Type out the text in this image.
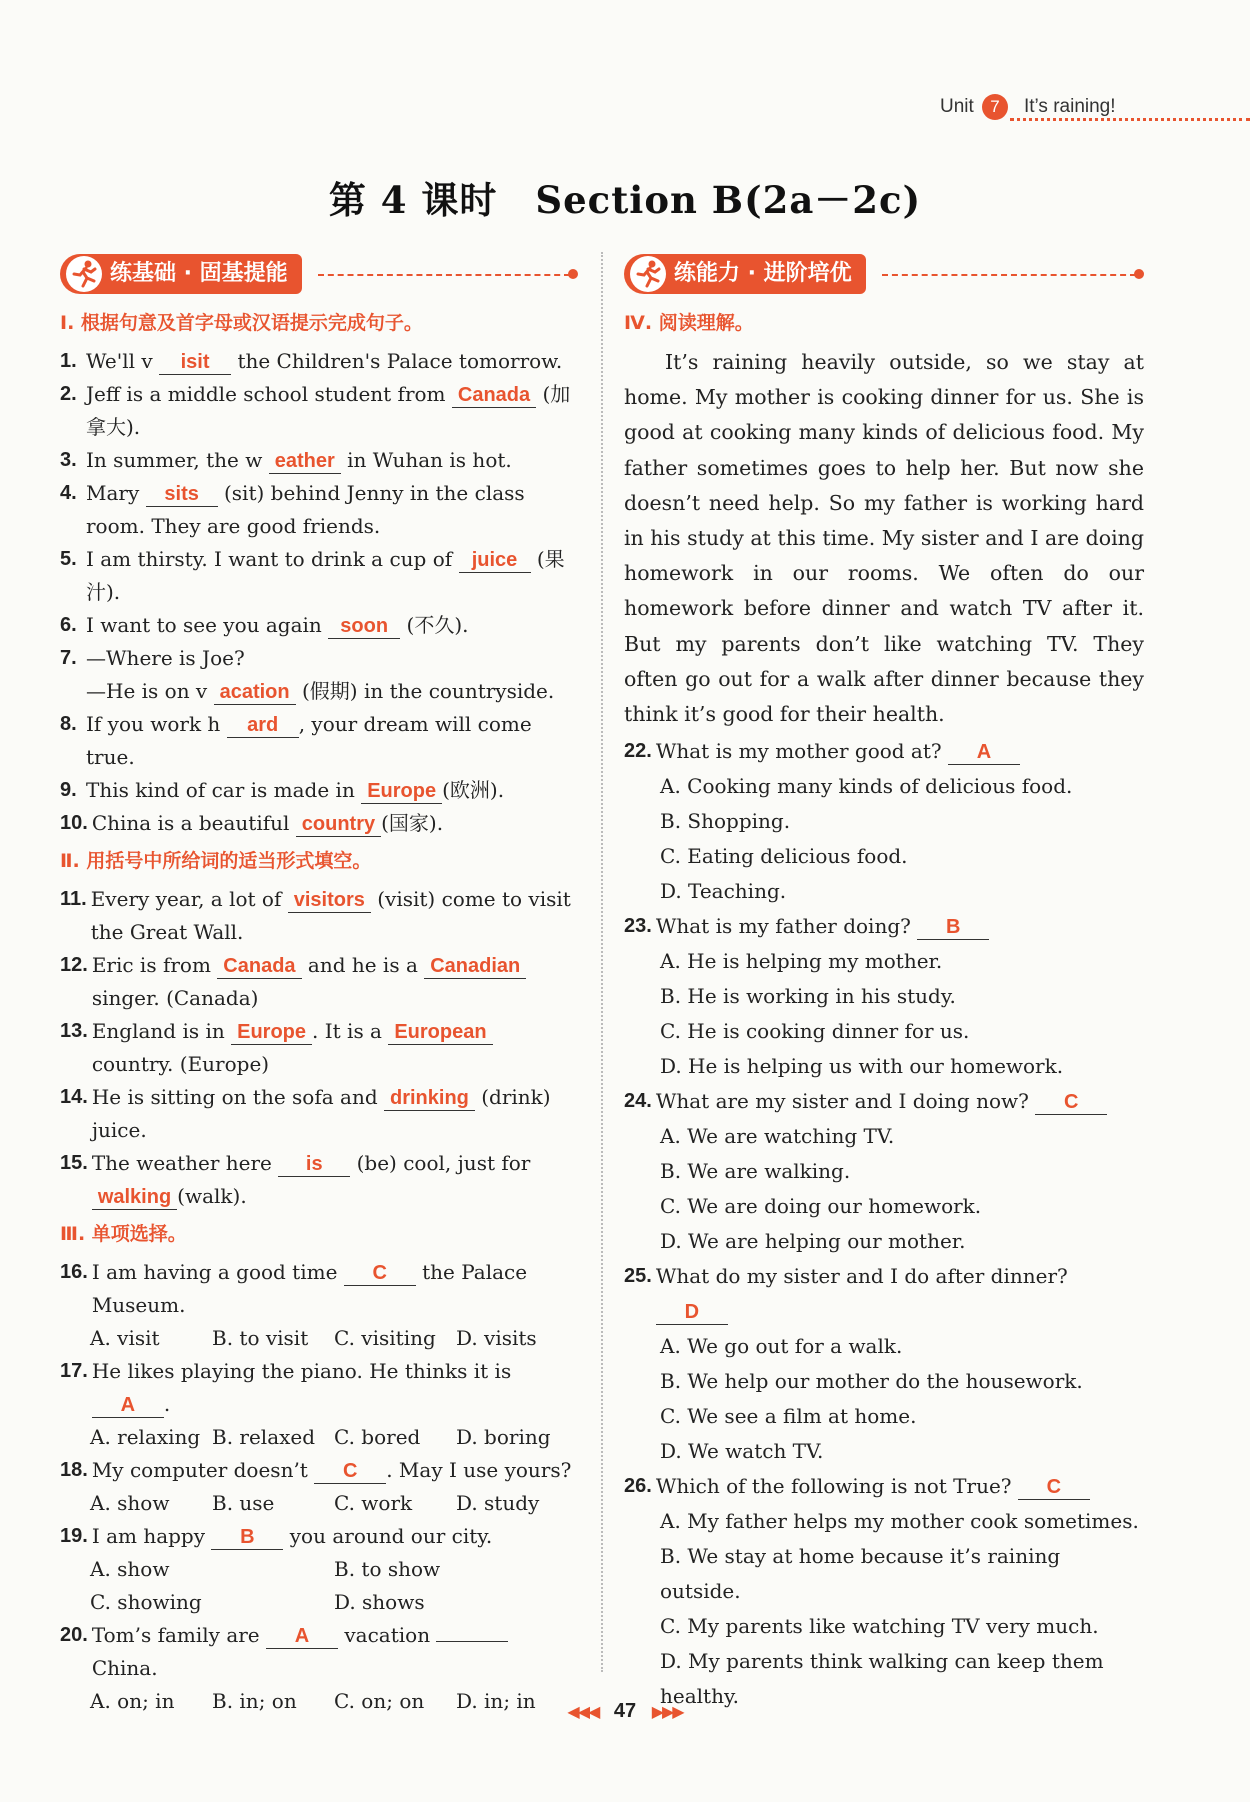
Unit 7	It’s raining!
第 4 课时　Section B(2a－2c)
练基础 · 固基提能
Ⅰ. 根据句意及首字母或汉语提示完成句子。
1. We'll v isit the Children's Palace tomorrow.
2. Jeff is a middle school student from Canada (加拿大).
3. In summer, the w eather in Wuhan is hot.
4. Mary sits (sit) behind Jenny in the class room. They are good friends.
5. I am thirsty. I want to drink a cup of juice (果汁).
6. I want to see you again soon (不久).
7. —Where is Joe?
—He is on v acation (假期) in the countryside.
8. If you work h ard , your dream will come true.
9. This kind of car is made in Europe (欧洲).
10. China is a beautiful country (国家).
Ⅱ. 用括号中所给词的适当形式填空。
11. Every year, a lot of visitors (visit) come to visit the Great Wall.
12. Eric is from Canada and he is a Canadian singer. (Canada)
13. England is in Europe . It is a European country. (Europe)
14. He is sitting on the sofa and drinking (drink) juice.
15. The weather here is (be) cool, just for walking (walk).
Ⅲ. 单项选择。
16. I am having a good time C the Palace Museum.
A. visit	B. to visit	C. visiting	D. visits
17. He likes playing the piano. He thinks it is A .
A. relaxing B. relaxed C. bored	D. boring
18. My computer doesn’t C . May I use yours?
A. show	B. use	C. work	D. study
19. I am happy B you around our city.
A. show	B. to show
C. showing	D. shows
20. Tom’s family are A vacation  China.
A. on; in	B. in; on	C. on; on	D. in; in
练能力 · 进阶培优
Ⅳ. 阅读理解。
It’s raining heavily outside, so we stay at home. My mother is cooking dinner for us. She is good at cooking many kinds of delicious food. My father sometimes goes to help her. But now she doesn’t need help. So my father is working hard in his study at this time. My sister and I are doing homework in our rooms. We often do our homework before dinner and watch TV after it. But my parents don’t like watching TV. They often go out for a walk after dinner because they think it’s good for their health.
22. What is my mother good at? A
A. Cooking many kinds of delicious food.
B. Shopping.
C. Eating delicious food.
D. Teaching.
23. What is my father doing? B
A. He is helping my mother.
B. He is working in his study.
C. He is cooking dinner for us.
D. He is helping us with our homework.
24. What are my sister and I doing now? C
A. We are watching TV.
B. We are walking.
C. We are doing our homework.
D. We are helping our mother.
25. What do my sister and I do after dinner? D
A. We go out for a walk.
B. We help our mother do the housework.
C. We see a film at home.
D. We watch TV.
26. Which of the following is not True? C
A. My father helps my mother cook sometimes.
B. We stay at home because it’s raining outside.
C. My parents like watching TV very much.
D. My parents think walking can keep them healthy.
◀◀◀ 47 ▶▶▶
